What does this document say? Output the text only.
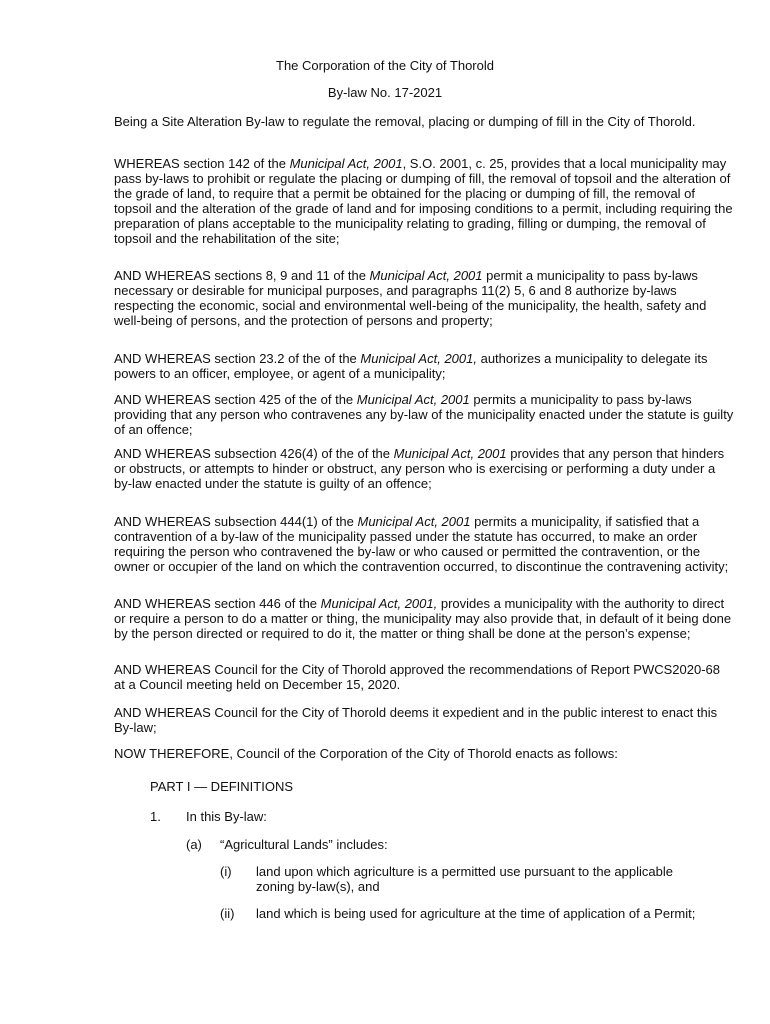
The Corporation of the City of Thorold
By-law No. 17-2021

Being a Site Alteration By-law to regulate the removal, placing or dumping of fill in the City of Thorold.

WHEREAS section 142 of the Municipal Act, 2001, S.O. 2001, c. 25, provides that a local municipality may pass by-laws to prohibit or regulate the placing or dumping of fill, the removal of topsoil and the alteration of the grade of land, to require that a permit be obtained for the placing or dumping of fill, the removal of topsoil and the alteration of the grade of land and for imposing conditions to a permit, including requiring the preparation of plans acceptable to the municipality relating to grading, filling or dumping, the removal of topsoil and the rehabilitation of the site;

AND WHEREAS sections 8, 9 and 11 of the Municipal Act, 2001 permit a municipality to pass by-laws necessary or desirable for municipal purposes, and paragraphs 11(2) 5, 6 and 8 authorize by-laws respecting the economic, social and environmental well-being of the municipality, the health, safety and well-being of persons, and the protection of persons and property;

AND WHEREAS section 23.2 of the of the Municipal Act, 2001, authorizes a municipality to delegate its powers to an officer, employee, or agent of a municipality;

AND WHEREAS section 425 of the of the Municipal Act, 2001 permits a municipality to pass by-laws providing that any person who contravenes any by-law of the municipality enacted under the statute is guilty of an offence;

AND WHEREAS subsection 426(4) of the of the Municipal Act, 2001 provides that any person that hinders or obstructs, or attempts to hinder or obstruct, any person who is exercising or performing a duty under a by-law enacted under the statute is guilty of an offence;

AND WHEREAS subsection 444(1) of the Municipal Act, 2001 permits a municipality, if satisfied that a contravention of a by-law of the municipality passed under the statute has occurred, to make an order requiring the person who contravened the by-law or who caused or permitted the contravention, or the owner or occupier of the land on which the contravention occurred, to discontinue the contravening activity;

AND WHEREAS section 446 of the Municipal Act, 2001, provides a municipality with the authority to direct or require a person to do a matter or thing, the municipality may also provide that, in default of it being done by the person directed or required to do it, the matter or thing shall be done at the person’s expense;

AND WHEREAS Council for the City of Thorold approved the recommendations of Report PWCS2020-68 at a Council meeting held on December 15, 2020.

AND WHEREAS Council for the City of Thorold deems it expedient and in the public interest to enact this By-law;

NOW THEREFORE, Council of the Corporation of the City of Thorold enacts as follows:

PART I — DEFINITIONS
1. In this By-law:
(a) “Agricultural Lands” includes:
(i) land upon which agriculture is a permitted use pursuant to the applicable zoning by-law(s), and
(ii) land which is being used for agriculture at the time of application of a Permit;
